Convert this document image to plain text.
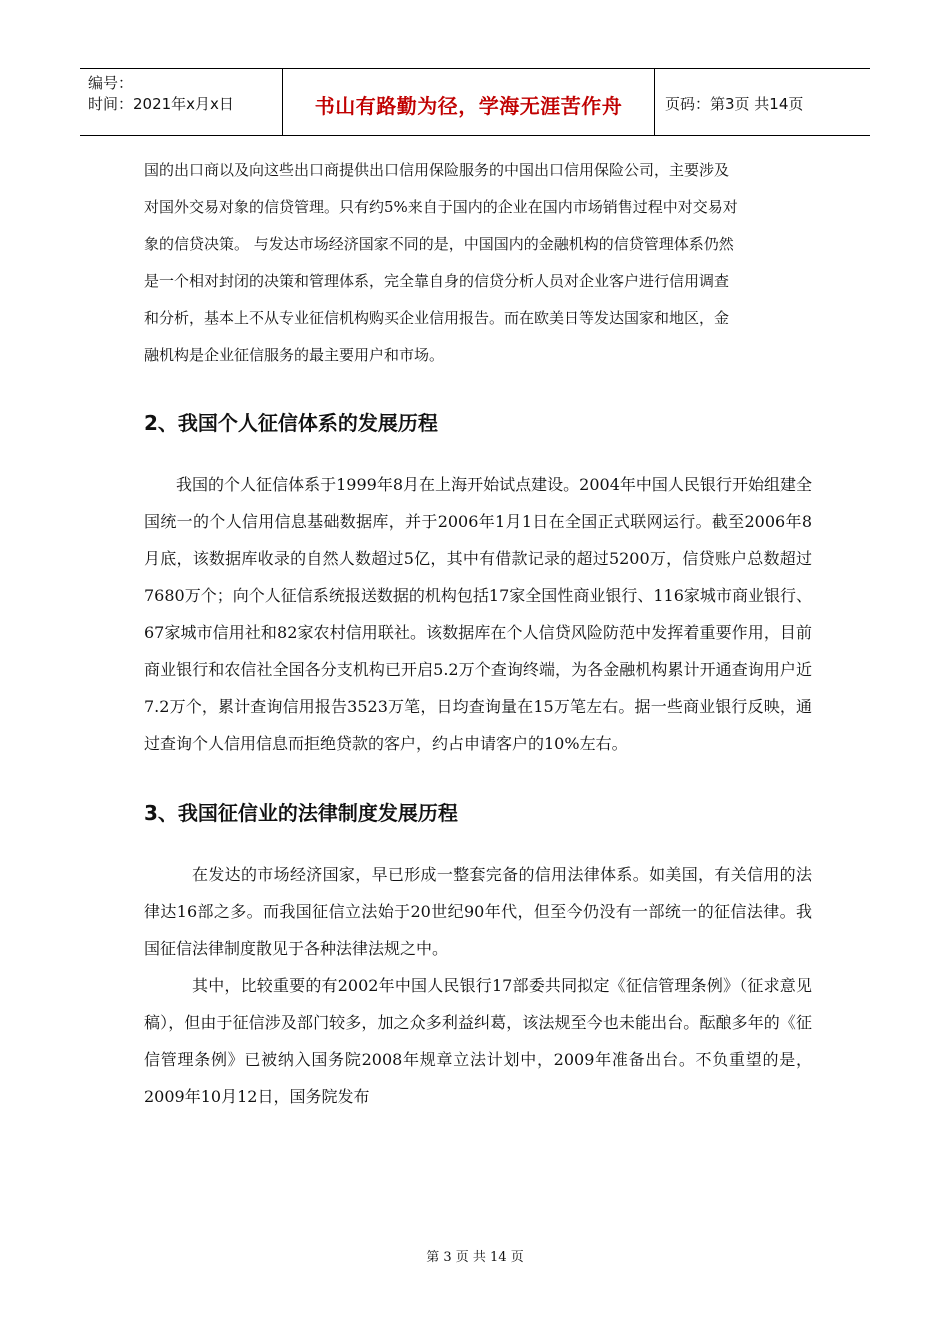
编号：
时间：2021年x月x日	书山有路勤为径，学海无涯苦作舟	页码：第3页 共14页
国的出口商以及向这些出口商提供出口信用保险服务的中国出口信用保险公司，主要涉及
对国外交易对象的信贷管理。只有约5%来自于国内的企业在国内市场销售过程中对交易对
象的信贷决策。 与发达市场经济国家不同的是，中国国内的金融机构的信贷管理体系仍然
是一个相对封闭的决策和管理体系，完全靠自身的信贷分析人员对企业客户进行信用调查
和分析，基本上不从专业征信机构购买企业信用报告。而在欧美日等发达国家和地区，金
融机构是企业征信服务的最主要用户和市场。
2、我国个人征信体系的发展历程

我国的个人征信体系于1999年8月在上海开始试点建设。2004年中国人民银行开始组建全国统一的个人信用信息基础数据库，并于2006年1月1日在全国正式联网运行。截至2006年8月底，该数据库收录的自然人数超过5亿，其中有借款记录的超过5200万，信贷账户总数超过7680万个；向个人征信系统报送数据的机构包括17家全国性商业银行、116家城市商业银行、67家城市信用社和82家农村信用联社。该数据库在个人信贷风险防范中发挥着重要作用，目前商业银行和农信社全国各分支机构已开启5.2万个查询终端，为各金融机构累计开通查询用户近7.2万个，累计查询信用报告3523万笔，日均查询量在15万笔左右。据一些商业银行反映，通过查询个人信用信息而拒绝贷款的客户，约占申请客户的10%左右。

3、我国征信业的法律制度发展历程

在发达的市场经济国家，早已形成一整套完备的信用法律体系。如美国，有关信用的法律达16部之多。而我国征信立法始于20世纪90年代，但至今仍没有一部统一的征信法律。我国征信法律制度散见于各种法律法规之中。

其中，比较重要的有2002年中国人民银行17部委共同拟定《征信管理条例》（征求意见稿），但由于征信涉及部门较多，加之众多利益纠葛，该法规至今也未能出台。酝酿多年的《征信管理条例》已被纳入国务院2008年规章立法计划中，2009年准备出台。不负重望的是，2009年10月12日，国务院发布

第 3 页 共 14 页
